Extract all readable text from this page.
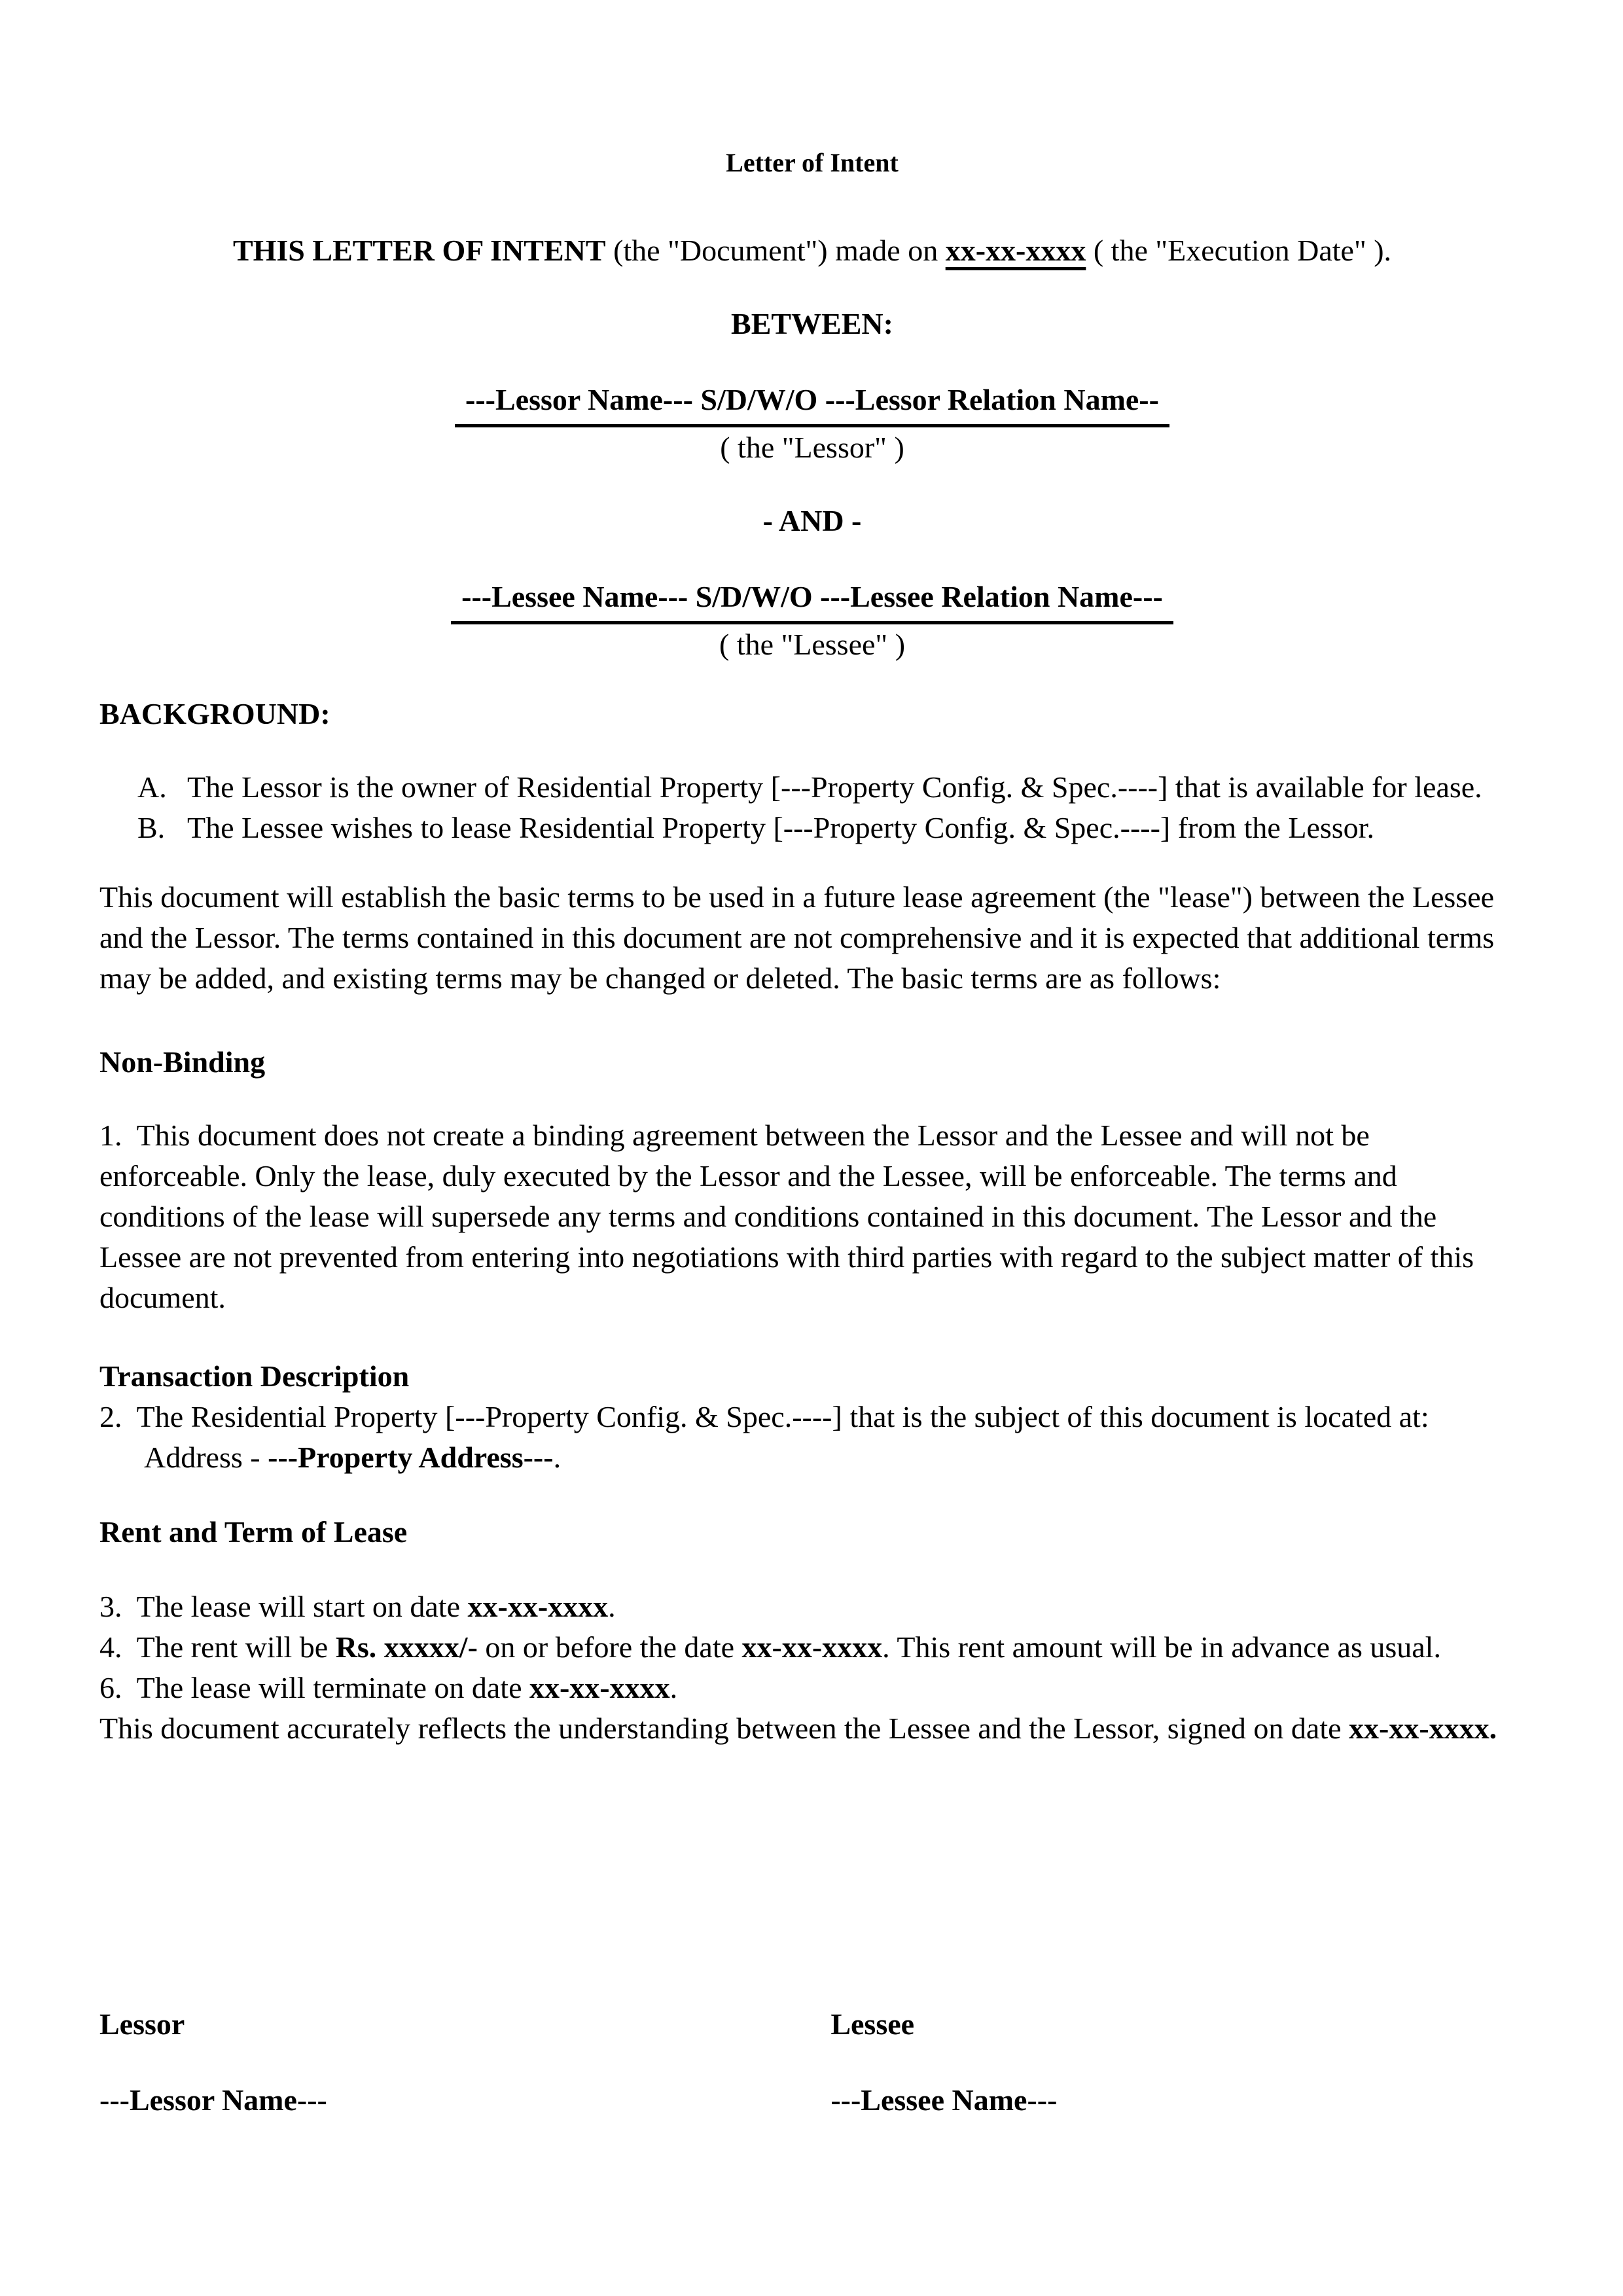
Letter of Intent
THIS LETTER OF INTENT (the "Document") made on xx-xx-xxxx ( the "Execution Date" ).
BETWEEN:
---Lessor Name--- S/D/W/O ---Lessor Relation Name--
( the "Lessor" )
- AND -
---Lessee Name--- S/D/W/O ---Lessee Relation Name---
( the "Lessee" )
BACKGROUND:
A. The Lessor is the owner of Residential Property [---Property Config. & Spec.----] that is available for lease.
B. The Lessee wishes to lease Residential Property [---Property Config. & Spec.----] from the Lessor.
This document will establish the basic terms to be used in a future lease agreement (the "lease") between the Lessee and the Lessor. The terms contained in this document are not comprehensive and it is expected that additional terms may be added, and existing terms may be changed or deleted. The basic terms are as follows:
Non-Binding
1.  This document does not create a binding agreement between the Lessor and the Lessee and will not be enforceable. Only the lease, duly executed by the Lessor and the Lessee, will be enforceable. The terms and conditions of the lease will supersede any terms and conditions contained in this document. The Lessor and the Lessee are not prevented from entering into negotiations with third parties with regard to the subject matter of this document.
Transaction Description
2.  The Residential Property [---Property Config. & Spec.----] that is the subject of this document is located at:
Address - ---Property Address---.
Rent and Term of Lease
3.  The lease will start on date xx-xx-xxxx.
4.  The rent will be Rs. xxxxx/- on or before the date xx-xx-xxxx. This rent amount will be in advance as usual.
6.  The lease will terminate on date xx-xx-xxxx.
This document accurately reflects the understanding between the Lessee and the Lessor, signed on date xx-xx-xxxx.
Lessor	Lessee
---Lessor Name---	---Lessee Name---
